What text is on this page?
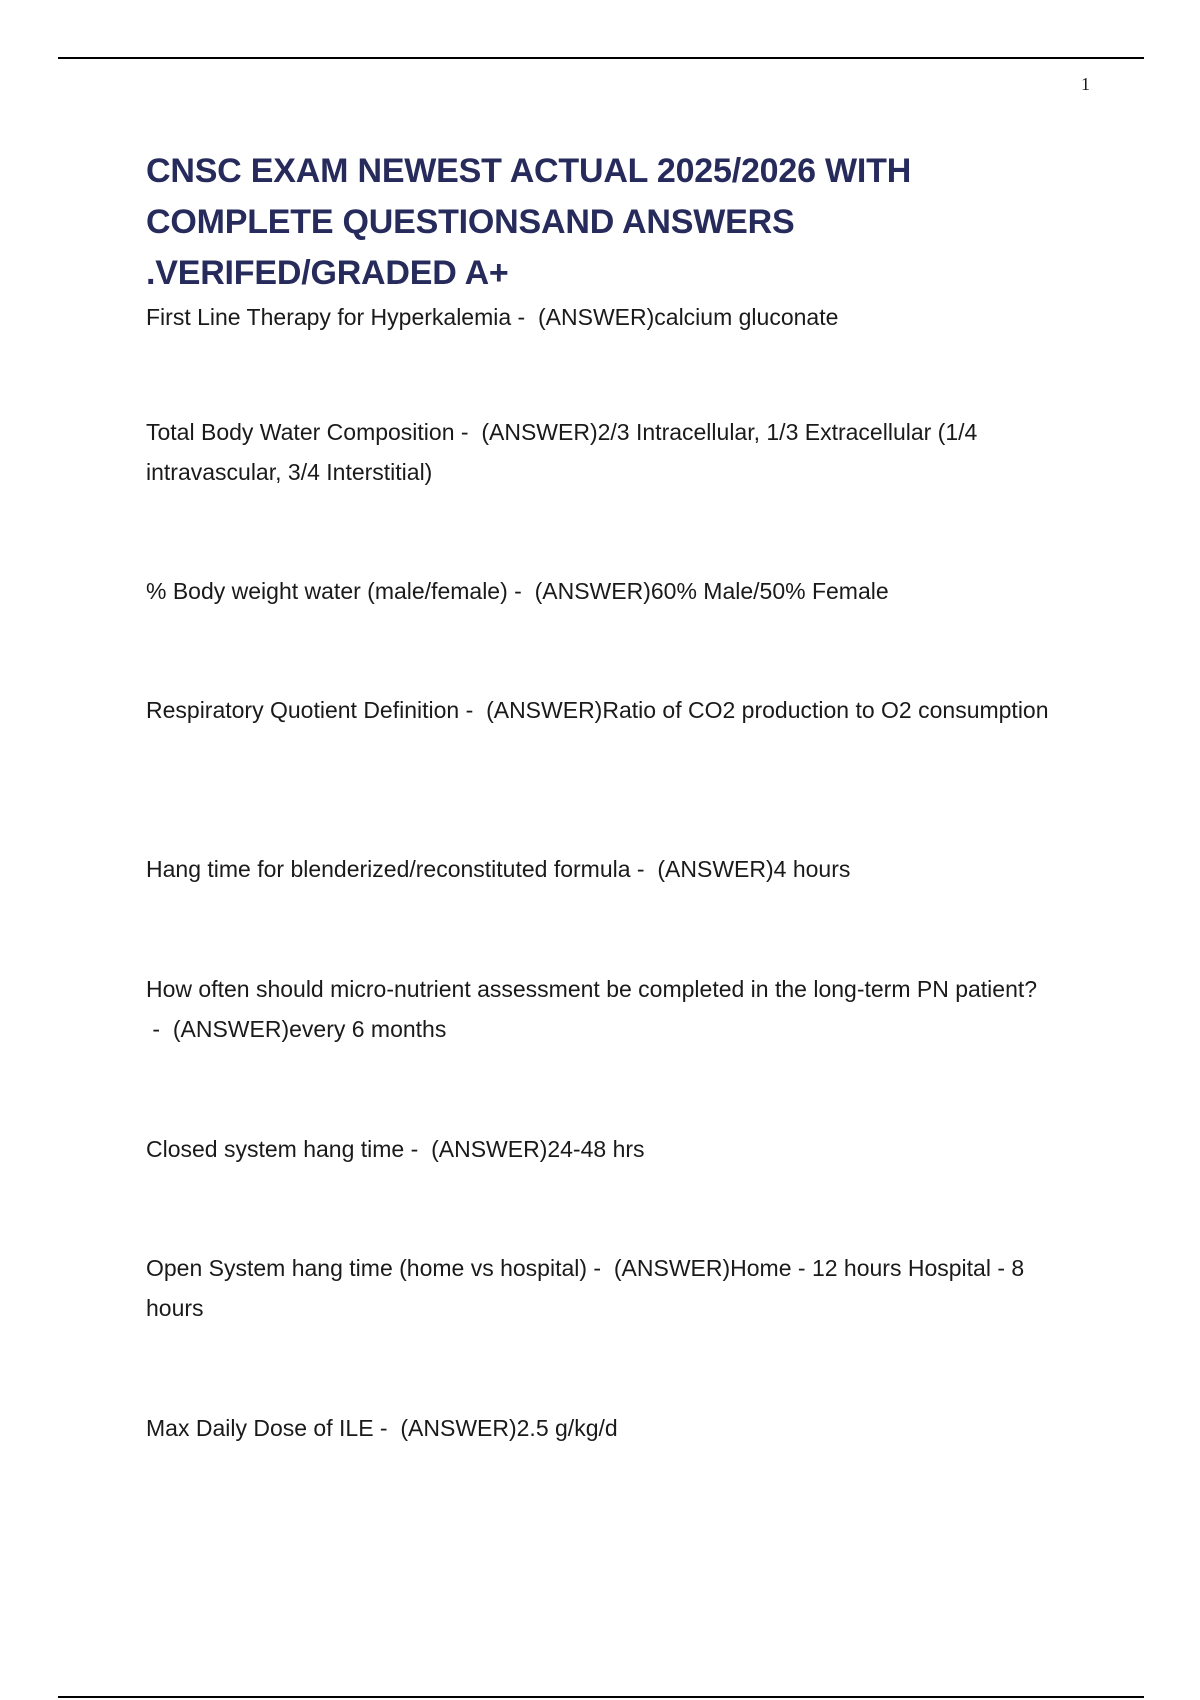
1
CNSC EXAM NEWEST ACTUAL 2025/2026 WITH
COMPLETE QUESTIONSAND ANSWERS
.VERIFED/GRADED A+

First Line Therapy for Hyperkalemia -  (ANSWER)calcium gluconate

Total Body Water Composition -  (ANSWER)2/3 Intracellular, 1/3 Extracellular (1/4 intravascular, 3/4 Interstitial)

% Body weight water (male/female) -  (ANSWER)60% Male/50% Female

Respiratory Quotient Definition -  (ANSWER)Ratio of CO2 production to O2 consumption

Hang time for blenderized/reconstituted formula -  (ANSWER)4 hours

How often should micro-nutrient assessment be completed in the long-term PN patient? -  (ANSWER)every 6 months

Closed system hang time -  (ANSWER)24-48 hrs

Open System hang time (home vs hospital) -  (ANSWER)Home - 12 hours Hospital - 8 hours

Max Daily Dose of ILE -  (ANSWER)2.5 g/kg/d
